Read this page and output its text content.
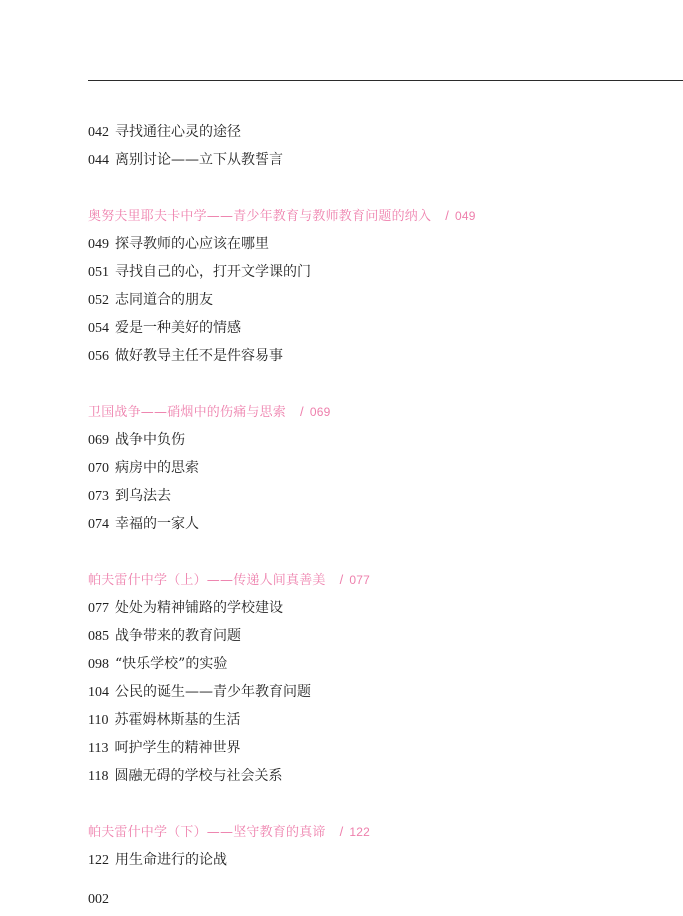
042 寻找通往心灵的途径
044 离别讨论——立下从教誓言
奥努夫里耶夫卡中学——青少年教育与教师教育问题的纳入 / 049
049 探寻教师的心应该在哪里
051 寻找自己的心，打开文学课的门
052 志同道合的朋友
054 爱是一种美好的情感
056 做好教导主任不是件容易事
卫国战争——硝烟中的伤痛与思索 / 069
069 战争中负伤
070 病房中的思索
073 到乌法去
074 幸福的一家人
帕夫雷什中学（上）——传递人间真善美 / 077
077 处处为精神铺路的学校建设
085 战争带来的教育问题
098 “快乐学校”的实验
104 公民的诞生——青少年教育问题
110 苏霍姆林斯基的生活
113 呵护学生的精神世界
118 圆融无碍的学校与社会关系
帕夫雷什中学（下）——坚守教育的真谛 / 122
122 用生命进行的论战
002
